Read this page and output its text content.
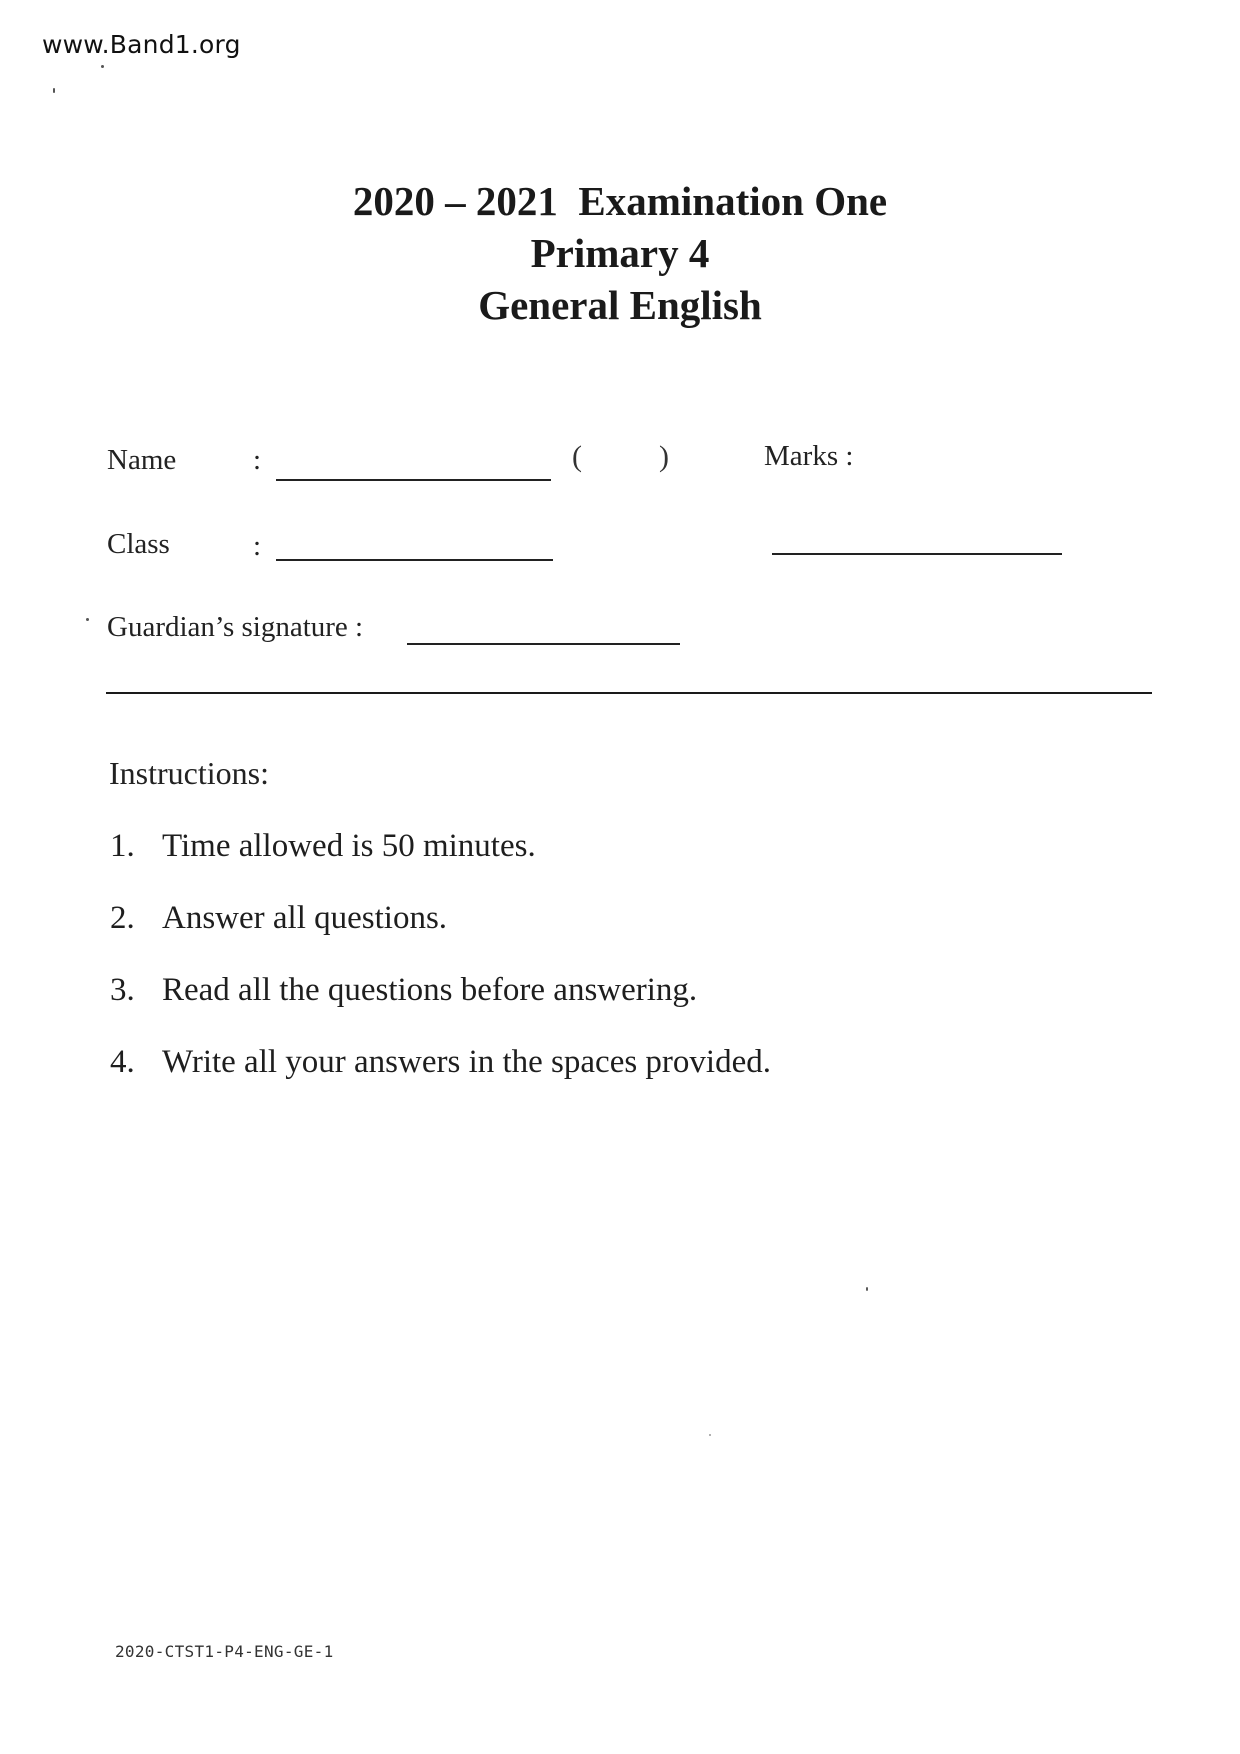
www.Band1.org
2020 – 2021  Examination One
Primary 4
General English
Name	:	(	)	Marks :
Class	:
Guardian’s signature :
Instructions:
1. Time allowed is 50 minutes.
2. Answer all questions.
3. Read all the questions before answering.
4. Write all your answers in the spaces provided.
2020-CTST1-P4-ENG-GE-1
